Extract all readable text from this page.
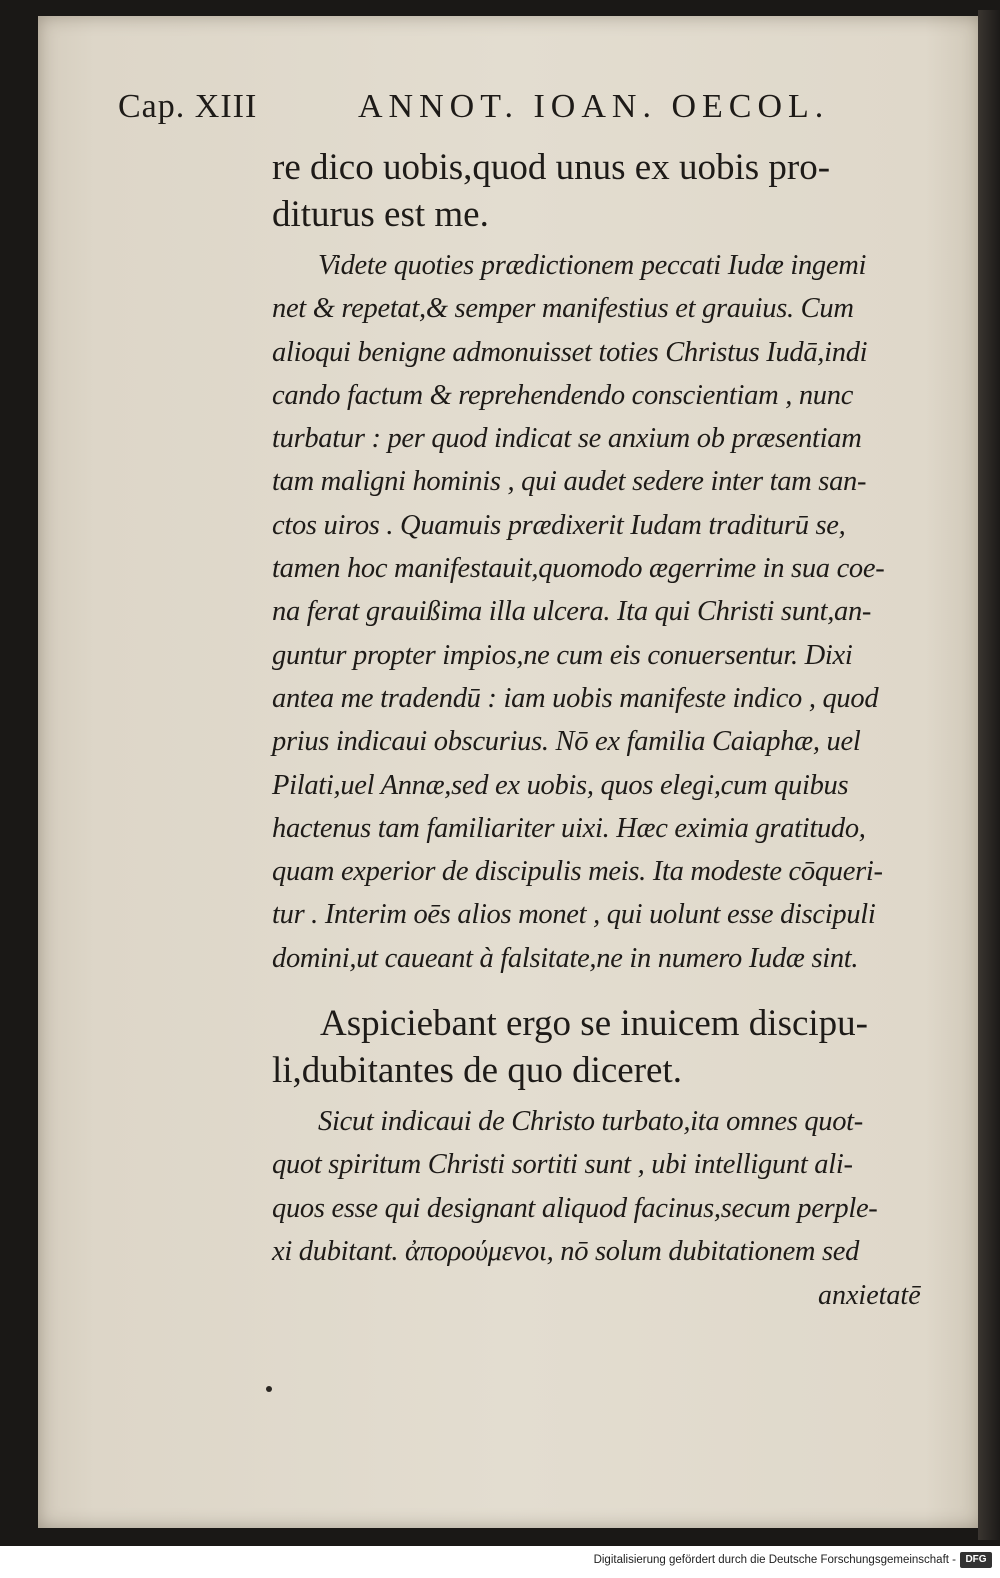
Cap. XIII	ANNOT. IOAN. OECOL.
re dico uobis,quod unus ex uobis pro-
diturus est me.
Videte quoties prædictionem peccati Iudæ ingemi
net & repetat,& semper manifestius et grauius. Cum
alioqui benigne admonuisset toties Christus Iudā,indi
cando factum & reprehendendo conscientiam , nunc
turbatur : per quod indicat se anxium ob præsentiam
tam maligni hominis , qui audet sedere inter tam san-
ctos uiros . Quamuis prædixerit Iudam traditurū se,
tamen hoc manifestauit,quomodo ægerrime in sua coe-
na ferat grauißima illa ulcera. Ita qui Christi sunt,an-
guntur propter impios,ne cum eis conuersentur. Dixi
antea me tradendū : iam uobis manifeste indico , quod
prius indicaui obscurius. Nō ex familia Caiaphæ, uel
Pilati,uel Annæ,sed ex uobis, quos elegi,cum quibus
hactenus tam familiariter uixi. Hæc eximia gratitudo,
quam experior de discipulis meis. Ita modeste cōqueri-
tur . Interim oēs alios monet , qui uolunt esse discipuli
domini,ut caueant à falsitate,ne in numero Iudæ sint.
Aspiciebant ergo se inuicem discipu-
li,dubitantes de quo diceret.
Sicut indicaui de Christo turbato,ita omnes quot-
quot spiritum Christi sortiti sunt , ubi intelligunt ali-
quos esse qui designant aliquod facinus,secum perple-
xi dubitant. ἀπορούμενοι, nō solum dubitationem sed
anxietatē
Digitalisierung gefördert durch die Deutsche Forschungsgemeinschaft - DFG
